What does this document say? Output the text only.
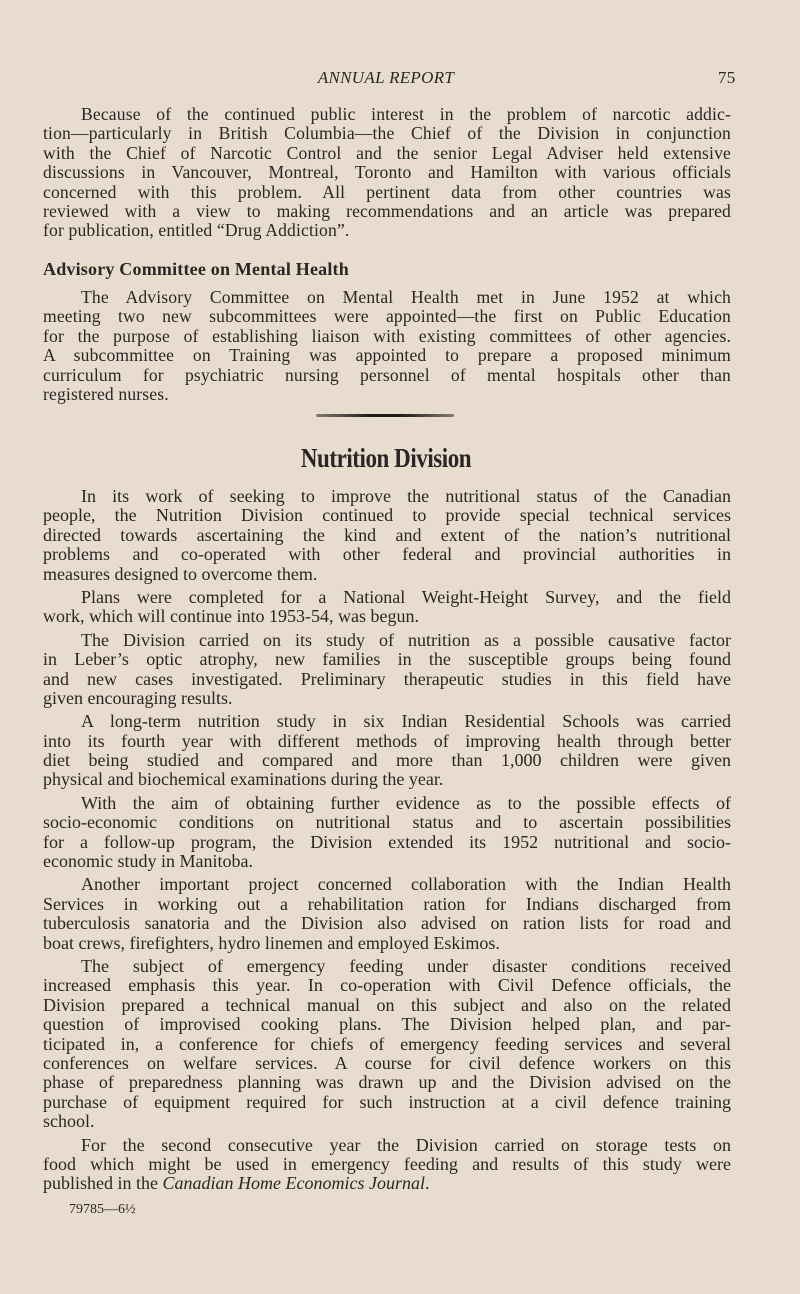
ANNUAL REPORT	75
Because of the continued public interest in the problem of narcotic addic-
tion—particularly in British Columbia—the Chief of the Division in conjunction
with the Chief of Narcotic Control and the senior Legal Adviser held extensive
discussions in Vancouver, Montreal, Toronto and Hamilton with various officials
concerned with this problem. All pertinent data from other countries was
reviewed with a view to making recommendations and an article was prepared
for publication, entitled “Drug Addiction”.
Advisory Committee on Mental Health
The Advisory Committee on Mental Health met in June 1952 at which
meeting two new subcommittees were appointed—the first on Public Education
for the purpose of establishing liaison with existing committees of other agencies.
A subcommittee on Training was appointed to prepare a proposed minimum
curriculum for psychiatric nursing personnel of mental hospitals other than
registered nurses.
Nutrition Division
In its work of seeking to improve the nutritional status of the Canadian
people, the Nutrition Division continued to provide special technical services
directed towards ascertaining the kind and extent of the nation’s nutritional
problems and co-operated with other federal and provincial authorities in
measures designed to overcome them.
Plans were completed for a National Weight-Height Survey, and the field
work, which will continue into 1953-54, was begun.
The Division carried on its study of nutrition as a possible causative factor
in Leber’s optic atrophy, new families in the susceptible groups being found
and new cases investigated. Preliminary therapeutic studies in this field have
given encouraging results.
A long-term nutrition study in six Indian Residential Schools was carried
into its fourth year with different methods of improving health through better
diet being studied and compared and more than 1,000 children were given
physical and biochemical examinations during the year.
With the aim of obtaining further evidence as to the possible effects of
socio-economic conditions on nutritional status and to ascertain possibilities
for a follow-up program, the Division extended its 1952 nutritional and socio-
economic study in Manitoba.
Another important project concerned collaboration with the Indian Health
Services in working out a rehabilitation ration for Indians discharged from
tuberculosis sanatoria and the Division also advised on ration lists for road and
boat crews, firefighters, hydro linemen and employed Eskimos.
The subject of emergency feeding under disaster conditions received
increased emphasis this year. In co-operation with Civil Defence officials, the
Division prepared a technical manual on this subject and also on the related
question of improvised cooking plans. The Division helped plan, and par-
ticipated in, a conference for chiefs of emergency feeding services and several
conferences on welfare services. A course for civil defence workers on this
phase of preparedness planning was drawn up and the Division advised on the
purchase of equipment required for such instruction at a civil defence training
school.
For the second consecutive year the Division carried on storage tests on
food which might be used in emergency feeding and results of this study were
published in the Canadian Home Economics Journal.
79785—6½
